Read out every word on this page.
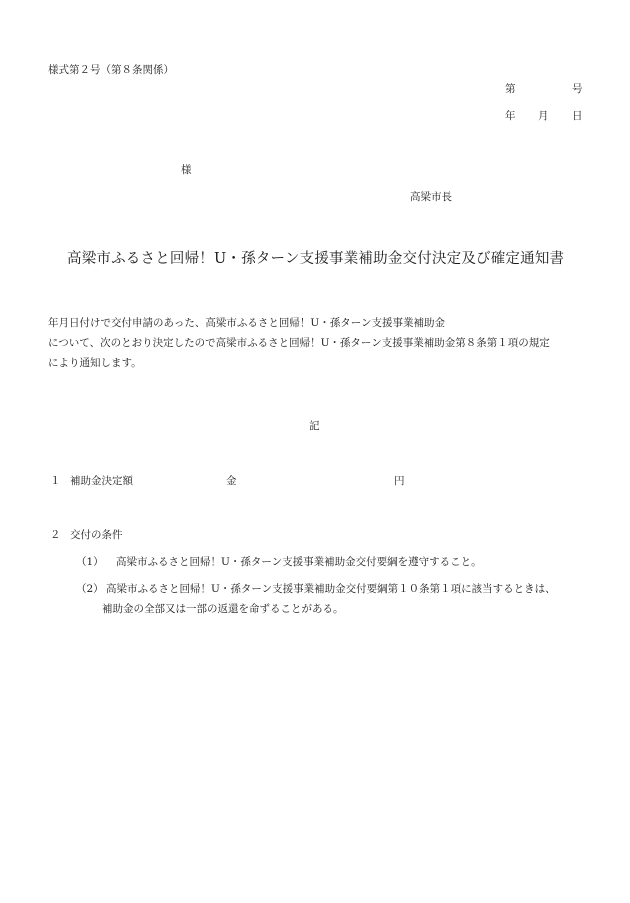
様式第２号（第８条関係）
第	号
年 月 日
様
高梁市長
高梁市ふるさと回帰！U・孫ターン支援事業補助金交付決定及び確定通知書
年月日付けで交付申請のあった、高梁市ふるさと回帰！U・孫ターン支援事業補助金
について、次のとおり決定したので高梁市ふるさと回帰！U・孫ターン支援事業補助金第８条第１項の規定
により通知します。
記
１ 補助金決定額	金	円
２ 交付の条件
（1） 高梁市ふるさと回帰！U・孫ターン支援事業補助金交付要綱を遵守すること。
（2） 高梁市ふるさと回帰！U・孫ターン支援事業補助金交付要綱第１０条第１項に該当するときは、
補助金の全部又は一部の返還を命ずることがある。
